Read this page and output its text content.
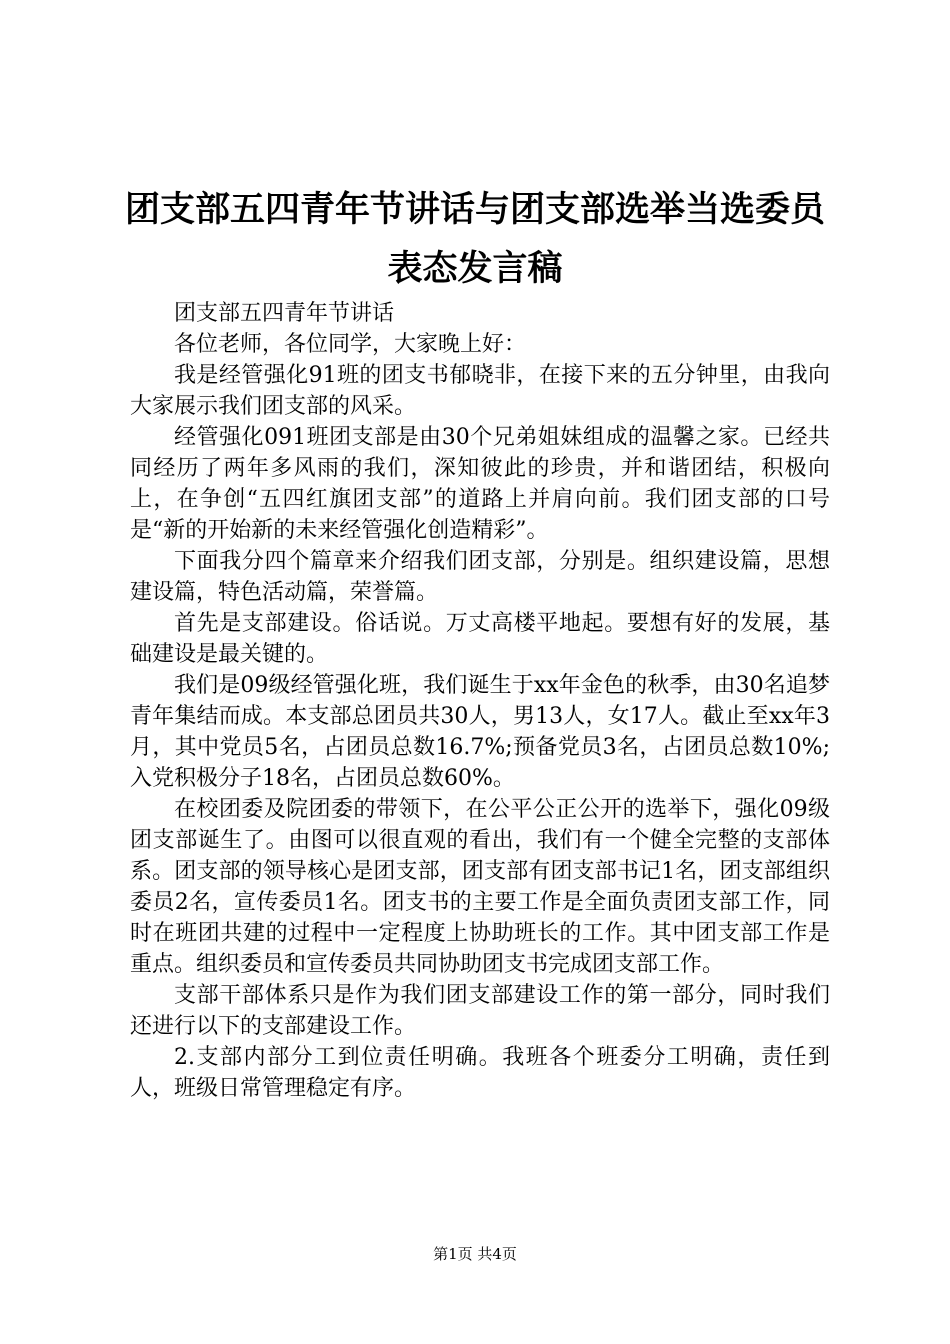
团支部五四青年节讲话与团支部选举当选委员
表态发言稿

团支部五四青年节讲话

各位老师，各位同学，大家晚上好：

我是经管强化91班的团支书郁晓非，在接下来的五分钟里，由我向大家展示我们团支部的风采。

经管强化091班团支部是由30个兄弟姐妹组成的温馨之家。已经共同经历了两年多风雨的我们，深知彼此的珍贵，并和谐团结，积极向上，在争创“五四红旗团支部”的道路上并肩向前。我们团支部的口号是“新的开始新的未来经管强化创造精彩”。

下面我分四个篇章来介绍我们团支部，分别是。组织建设篇，思想建设篇，特色活动篇，荣誉篇。

首先是支部建设。俗话说。万丈高楼平地起。要想有好的发展，基础建设是最关键的。

我们是09级经管强化班，我们诞生于xx年金色的秋季，由30名追梦青年集结而成。本支部总团员共30人，男13人，女17人。截止至xx年3月，其中党员5名，占团员总数16.7%;预备党员3名，占团员总数10%;入党积极分子18名，占团员总数60%。

在校团委及院团委的带领下，在公平公正公开的选举下，强化09级团支部诞生了。由图可以很直观的看出，我们有一个健全完整的支部体系。团支部的领导核心是团支部，团支部有团支部书记1名，团支部组织委员2名，宣传委员1名。团支书的主要工作是全面负责团支部工作，同时在班团共建的过程中一定程度上协助班长的工作。其中团支部工作是重点。组织委员和宣传委员共同协助团支书完成团支部工作。

支部干部体系只是作为我们团支部建设工作的第一部分，同时我们还进行以下的支部建设工作。

2.支部内部分工到位责任明确。我班各个班委分工明确，责任到人，班级日常管理稳定有序。

第1页 共4页
